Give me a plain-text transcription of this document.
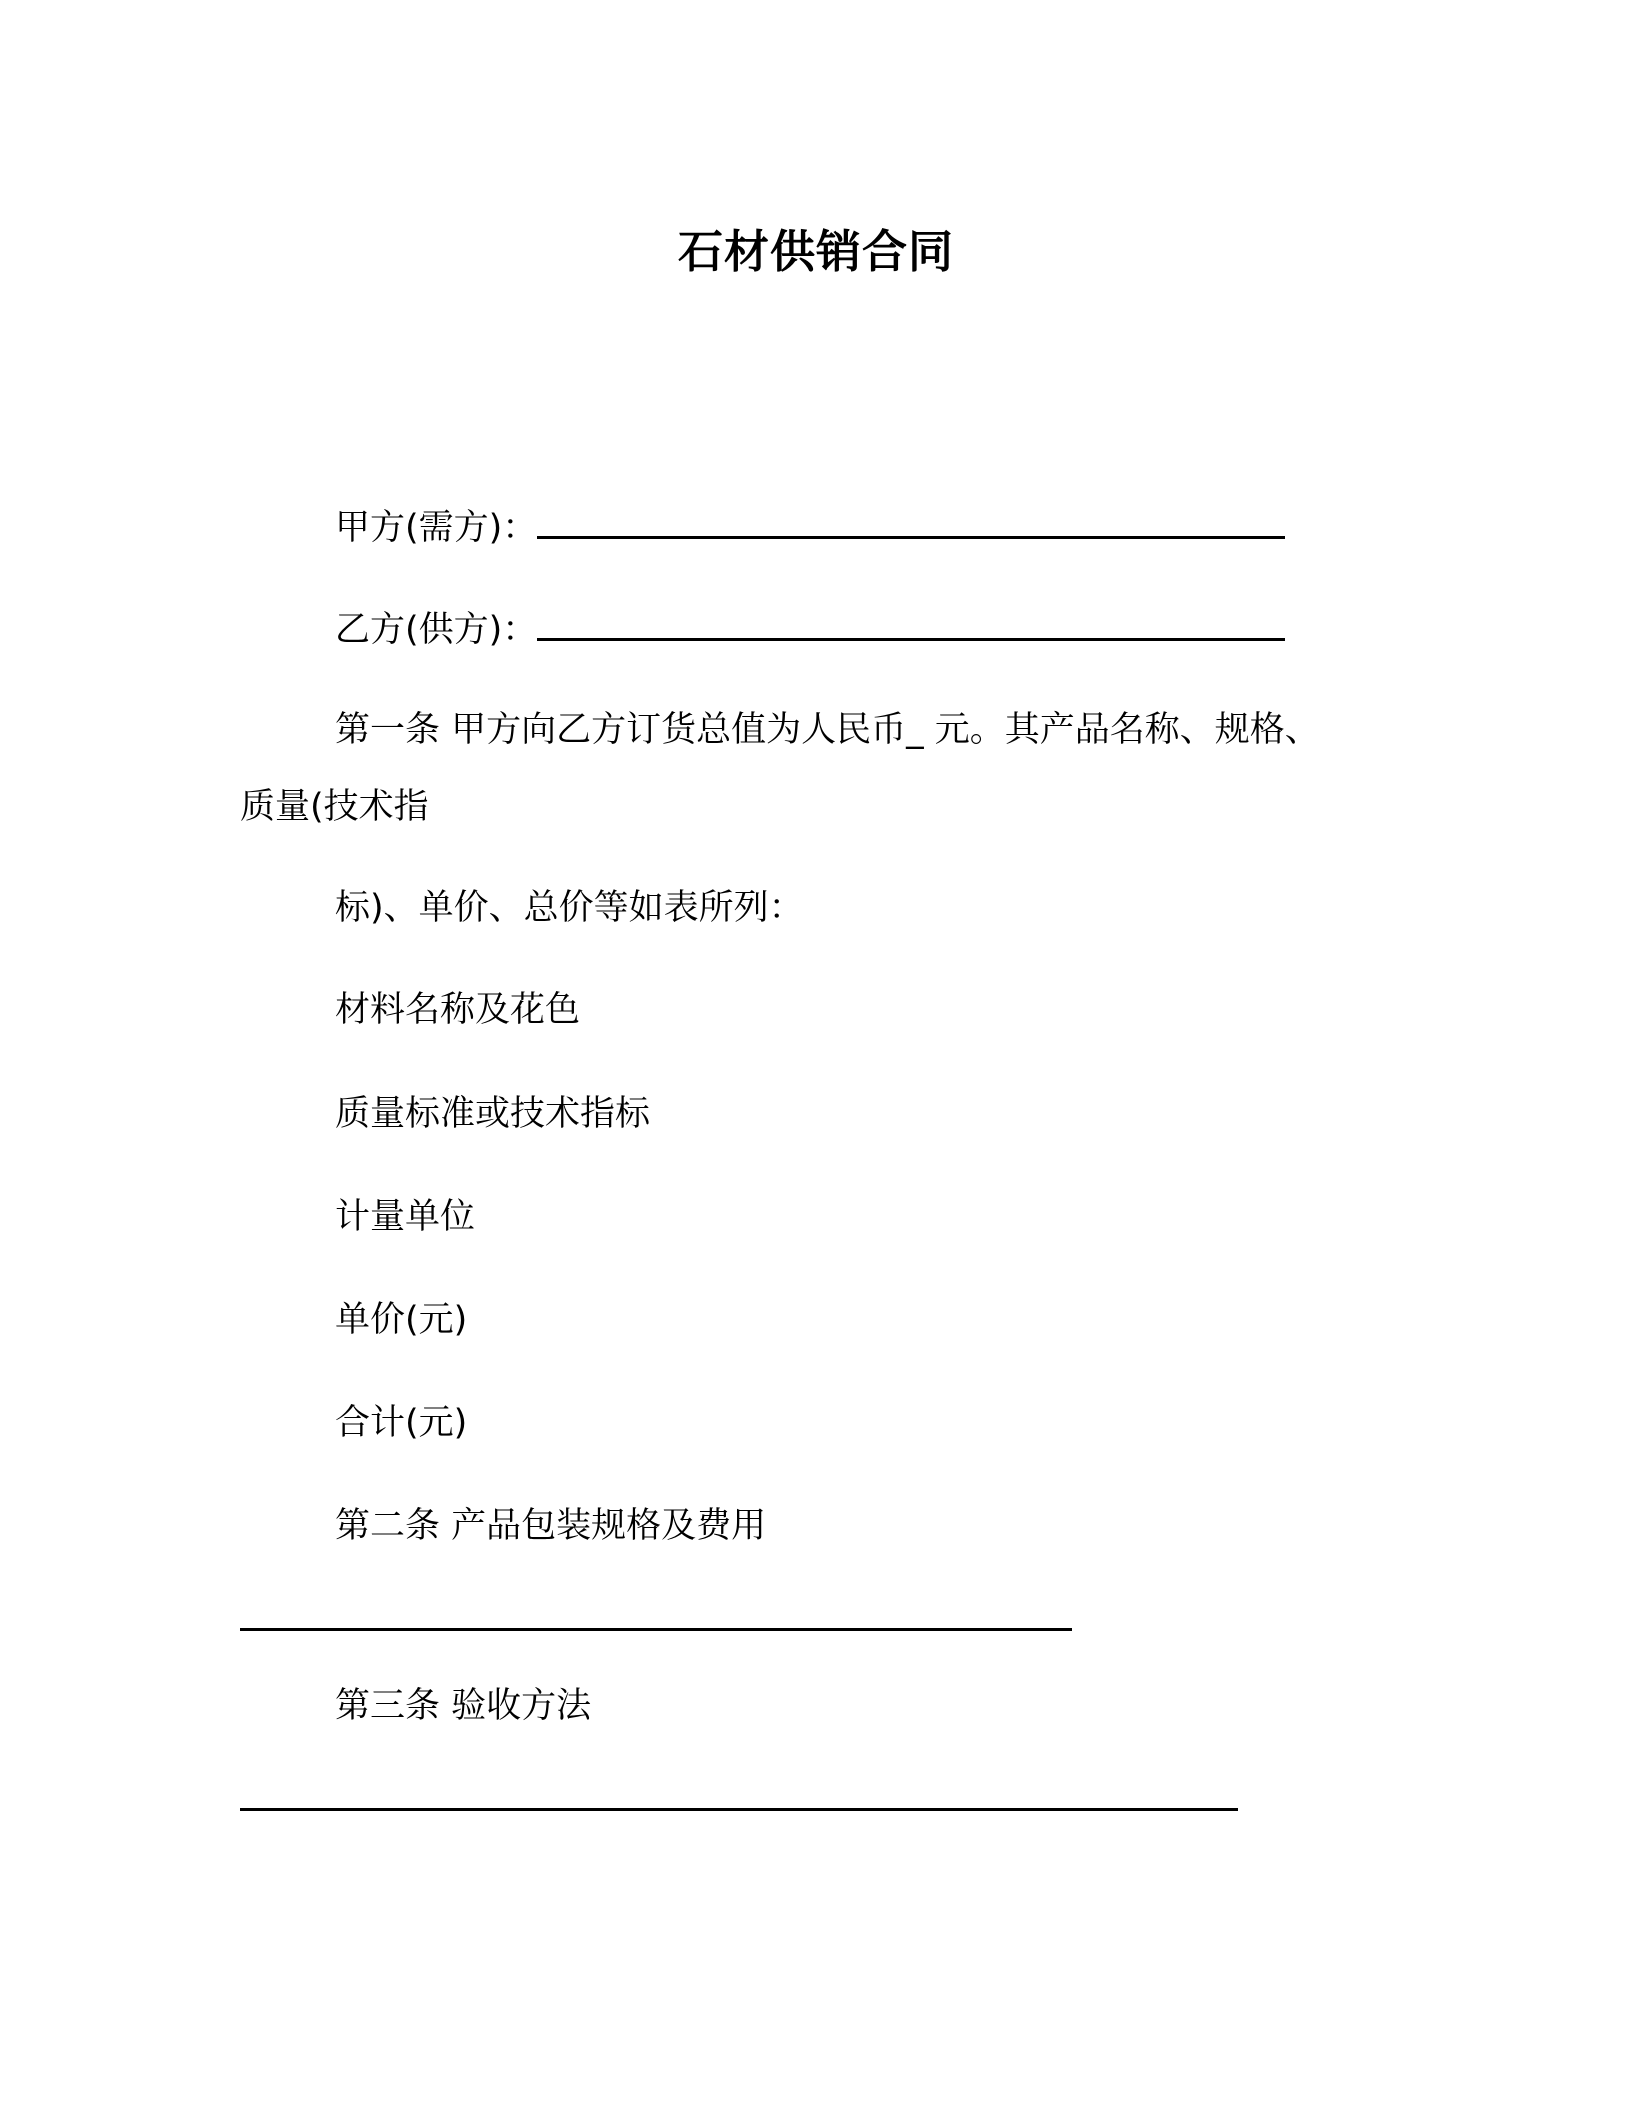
石材供销合同
甲方(需方)：
乙方(供方)：
第一条 甲方向乙方订货总值为人民币_ 元。其产品名称、规格、
质量(技术指
标)、单价、总价等如表所列：
材料名称及花色
质量标准或技术指标
计量单位
单价(元)
合计(元)
第二条 产品包装规格及费用
第三条 验收方法
